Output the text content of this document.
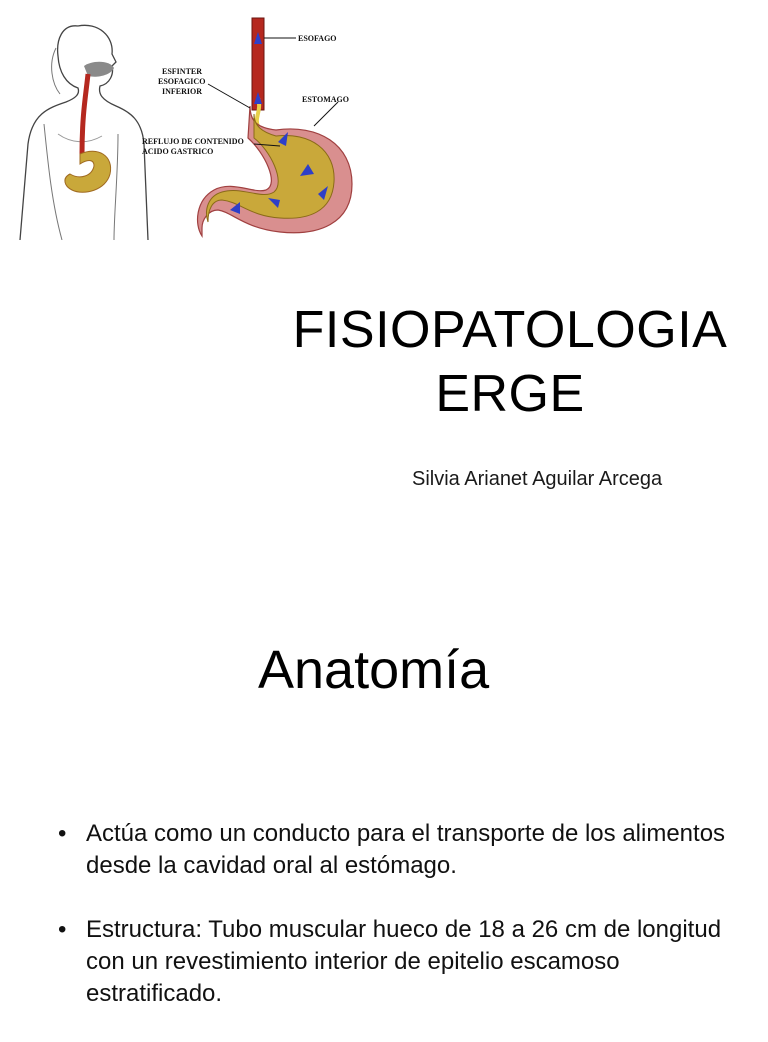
ESOFAGO
ESFINTER
ESOFAGICO
INFERIOR
ESTOMAGO
REFLUJO DE CONTENIDO
ACIDO GASTRICO
FISIOPATOLOGIA
ERGE
Silvia Arianet Aguilar Arcega
Anatomía
• Actúa como un conducto para el transporte de los alimentos desde la cavidad oral al estómago.
• Estructura: Tubo muscular hueco de 18 a 26 cm de longitud con un revestimiento interior de epitelio escamoso estratificado.
